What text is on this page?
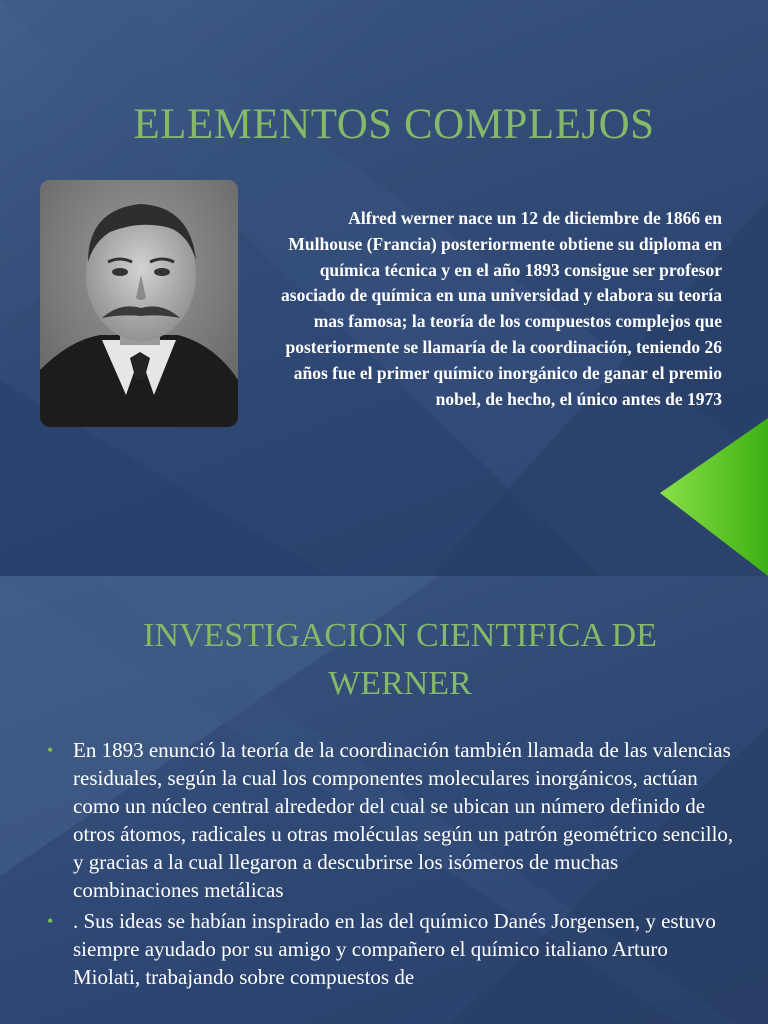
ELEMENTOS COMPLEJOS

Alfred werner nace un 12 de diciembre de 1866 en Mulhouse (Francia) posteriormente obtiene su diploma en química técnica y en el año 1893 consigue ser profesor asociado de química en una universidad y elabora su teoría mas famosa; la teoría de los compuestos complejos que posteriormente se llamaría de la coordinación, teniendo 26 años fue el primer químico inorgánico de ganar el premio nobel, de hecho, el único antes de 1973

INVESTIGACION CIENTIFICA DE WERNER
• En 1893 enunció la teoría de la coordinación también llamada de las valencias residuales, según la cual los componentes moleculares inorgánicos, actúan como un núcleo central alrededor del cual se ubican un número definido de otros átomos, radicales u otras moléculas según un patrón geométrico sencillo, y gracias a la cual llegaron a descubrirse los isómeros de muchas combinaciones metálicas
• . Sus ideas se habían inspirado en las del químico Danés Jorgensen, y estuvo siempre ayudado por su amigo y compañero el químico italiano Arturo Miolati, trabajando sobre compuestos de
